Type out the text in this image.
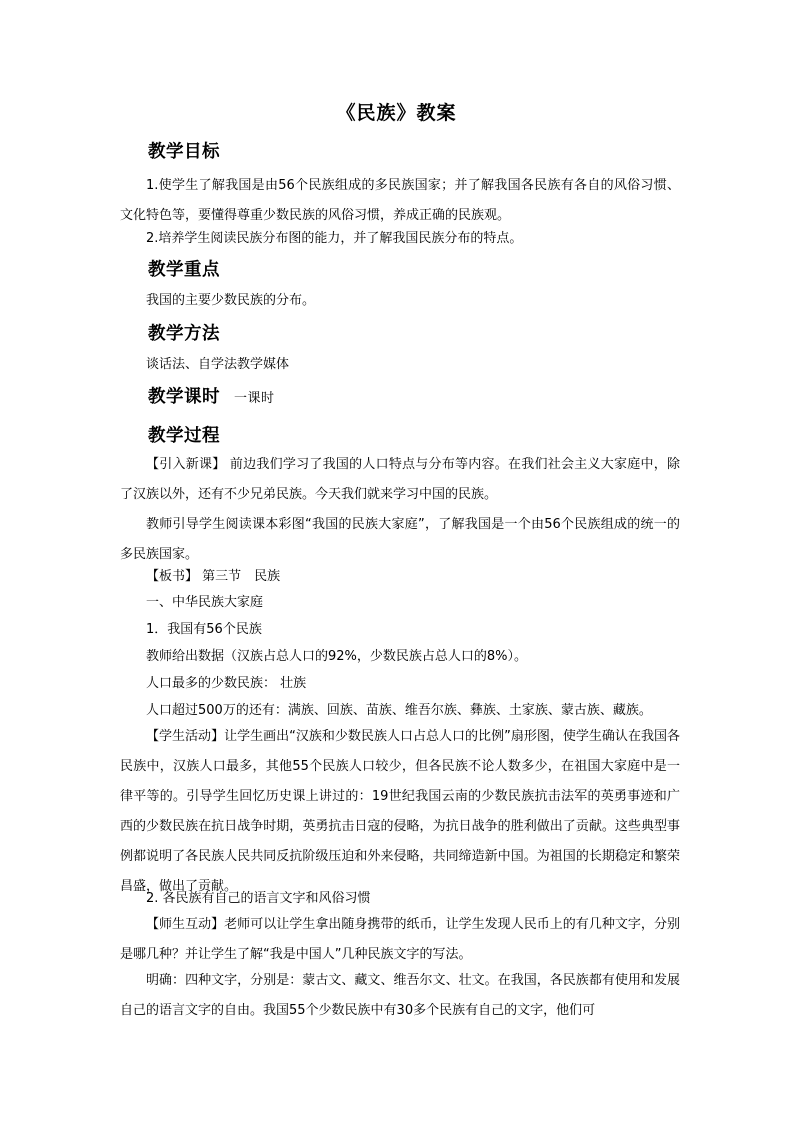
《民族》教案
教学目标
1.使学生了解我国是由56个民族组成的多民族国家；并了解我国各民族有各自的风俗习惯、文化特色等，要懂得尊重少数民族的风俗习惯，养成正确的民族观。
2.培养学生阅读民族分布图的能力，并了解我国民族分布的特点。
教学重点
我国的主要少数民族的分布。
教学方法
谈话法、自学法教学媒体
教学课时 一课时
教学过程
【引入新课】 前边我们学习了我国的人口特点与分布等内容。在我们社会主义大家庭中，除了汉族以外，还有不少兄弟民族。今天我们就来学习中国的民族。
教师引导学生阅读课本彩图“我国的民族大家庭”，了解我国是一个由56个民族组成的统一的多民族国家。
【板书】 第三节　民族
一、中华民族大家庭
1．我国有56个民族
教师给出数据（汉族占总人口的92%，少数民族占总人口的8%）。
人口最多的少数民族： 壮族
人口超过500万的还有：满族、回族、苗族、维吾尔族、彝族、土家族、蒙古族、藏族。
【学生活动】让学生画出“汉族和少数民族人口占总人口的比例”扇形图，使学生确认在我国各民族中，汉族人口最多，其他55个民族人口较少，但各民族不论人数多少，在祖国大家庭中是一律平等的。引导学生回忆历史课上讲过的：19世纪我国云南的少数民族抗击法军的英勇事迹和广西的少数民族在抗日战争时期，英勇抗击日寇的侵略，为抗日战争的胜利做出了贡献。这些典型事例都说明了各民族人民共同反抗阶级压迫和外来侵略，共同缔造新中国。为祖国的长期稳定和繁荣昌盛，做出了贡献。
2. 各民族有自己的语言文字和风俗习惯
【师生互动】老师可以让学生拿出随身携带的纸币，让学生发现人民币上的有几种文字，分别是哪几种？并让学生了解“我是中国人”几种民族文字的写法。
明确：四种文字，分别是：蒙古文、藏文、维吾尔文、壮文。在我国，各民族都有使用和发展自己的语言文字的自由。我国55个少数民族中有30多个民族有自己的文字，他们可
